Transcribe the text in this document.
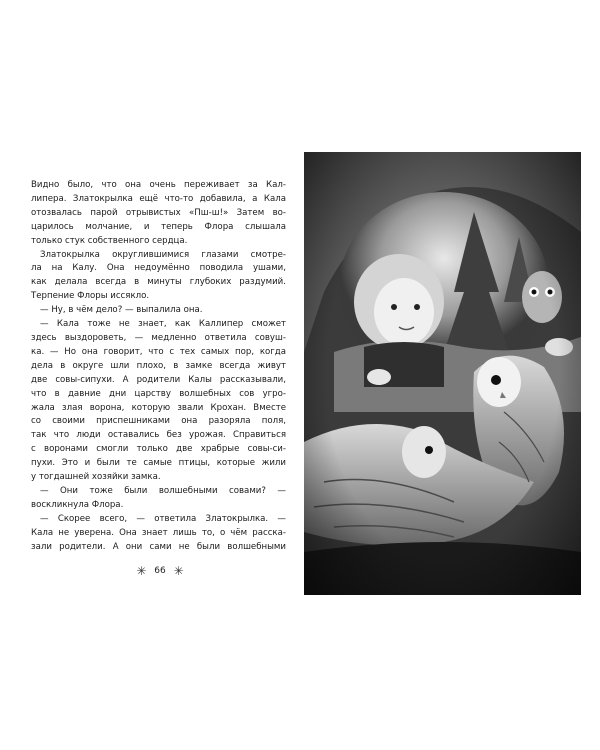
Видно было, что она очень переживает за Кал-
липера. Златокрылка ещё что-то добавила, а Кала
отозвалась парой отрывистых «Пш-ш!» Затем во-
царилось молчание, и теперь Флора слышала
только стук собственного сердца.
Златокрылка округлившимися глазами смотре-
ла на Калу. Она недоумённо поводила ушами,
как делала всегда в минуты глубоких раздумий.
Терпение Флоры иссякло.
— Ну, в чём дело? — выпалила она.
— Кала тоже не знает, как Каллипер сможет
здесь выздороветь, — медленно ответила совуш-
ка. — Но она говорит, что с тех самых пор, когда
дела в округе шли плохо, в замке всегда живут
две совы-сипухи. А родители Калы рассказывали,
что в давние дни царству волшебных сов угро-
жала злая ворона, которую звали Крохан. Вместе
со своими приспешниками она разоряла поля,
так что люди оставались без урожая. Справиться
с воронами смогли только две храбрые совы-си-
пухи. Это и были те самые птицы, которые жили
у тогдашней хозяйки замка.
— Они тоже были волшебными совами? —
воскликнула Флора.
— Скорее всего, — ответила Златокрылка. —
Кала не уверена. Она знает лишь то, о чём расска-
зали родители. А они сами не были волшебными
✳ 66 ✳
